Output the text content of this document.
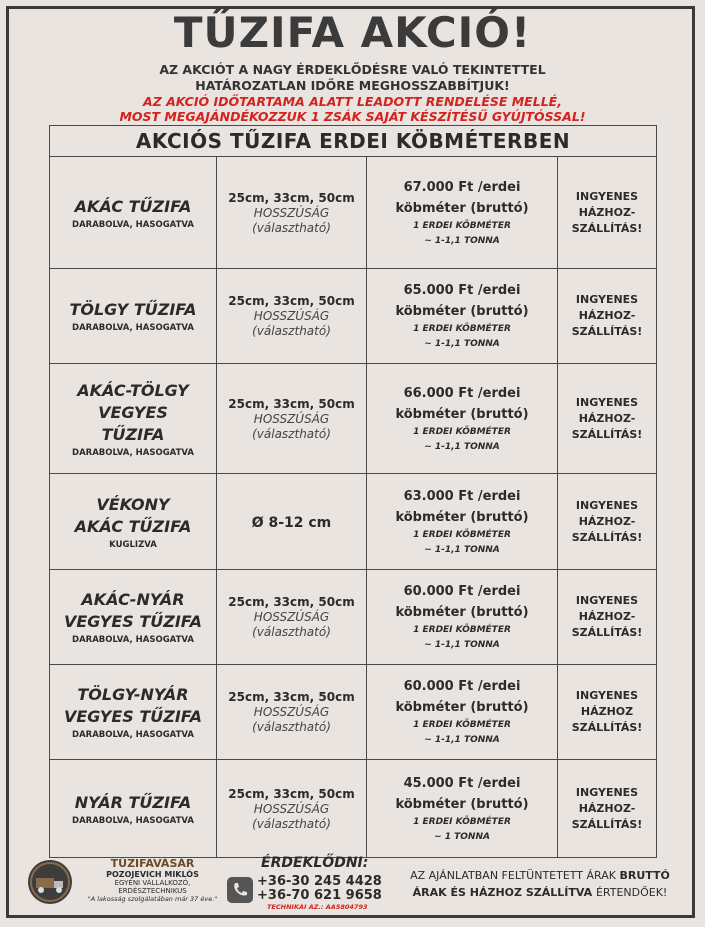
TŰZIFA AKCIÓ!
AZ AKCIÓT A NAGY ÉRDEKLŐDÉSRE VALÓ TEKINTETTEL
HATÁROZATLAN IDŐRE MEGHOSSZABBÍTJUK!
AZ AKCIÓ IDŐTARTAMA ALATT LEADOTT RENDELÉSE MELLÉ,
MOST MEGAJÁNDÉKOZZUK 1 ZSÁK SAJÁT KÉSZÍTÉSŰ GYÚJTÓSSAL!
AKCIÓS TŰZIFA ERDEI KÖBMÉTERBEN			

AKÁC TŰZIFA
DARABOLVA, HASOGATVA	25cm, 33cm, 50cm
HOSSZÚSÁG
(választható)	67.000 Ft /erdei
köbméter (bruttó)
1 ERDEI KÖBMÉTER
~ 1-1,1 TONNA	INGYENES
HÁZHOZ-
SZÁLLÍTÁS!

TÖLGY TŰZIFA
DARABOLVA, HASOGATVA	25cm, 33cm, 50cm
HOSSZÚSÁG
(választható)	65.000 Ft /erdei
köbméter (bruttó)
1 ERDEI KÖBMÉTER
~ 1-1,1 TONNA	INGYENES
HÁZHOZ-
SZÁLLÍTÁS!

AKÁC-TÖLGY
VEGYES
TŰZIFA
DARABOLVA, HASOGATVA	25cm, 33cm, 50cm
HOSSZÚSÁG
(választható)	66.000 Ft /erdei
köbméter (bruttó)
1 ERDEI KÖBMÉTER
~ 1-1,1 TONNA	INGYENES
HÁZHOZ-
SZÁLLÍTÁS!

VÉKONY
AKÁC TŰZIFA
KUGLIZVA	Ø 8-12 cm	63.000 Ft /erdei
köbméter (bruttó)
1 ERDEI KÖBMÉTER
~ 1-1,1 TONNA	INGYENES
HÁZHOZ-
SZÁLLÍTÁS!

AKÁC-NYÁR
VEGYES TŰZIFA
DARABOLVA, HASOGATVA	25cm, 33cm, 50cm
HOSSZÚSÁG
(választható)	60.000 Ft /erdei
köbméter (bruttó)
1 ERDEI KÖBMÉTER
~ 1-1,1 TONNA	INGYENES
HÁZHOZ-
SZÁLLÍTÁS!

TÖLGY-NYÁR
VEGYES TŰZIFA
DARABOLVA, HASOGATVA	25cm, 33cm, 50cm
HOSSZÚSÁG
(választható)	60.000 Ft /erdei
köbméter (bruttó)
1 ERDEI KÖBMÉTER
~ 1-1,1 TONNA	INGYENES
HÁZHOZ
SZÁLLÍTÁS!

NYÁR TŰZIFA
DARABOLVA, HASOGATVA	25cm, 33cm, 50cm
HOSSZÚSÁG
(választható)	45.000 Ft /erdei
köbméter (bruttó)
1 ERDEI KÖBMÉTER
~ 1 TONNA	INGYENES
HÁZHOZ-
SZÁLLÍTÁS!
TŰZIFAVÁSÁR
POZOJEVICH MIKLÓS
EGYÉNI VÁLLALKOZÓ, ERDÉSZTECHNIKUS
"A lakosság szolgálatában már 37 éve."
ÉRDEKLŐDNI:
+36-30 245 4428
+36-70 621 9658
TECHNIKAI AZ.: AA5804793
AZ AJÁNLATBAN FELTÜNTETETT ÁRAK BRUTTÓ
ÁRAK ÉS HÁZHOZ SZÁLLÍTVA ÉRTENDŐEK!
